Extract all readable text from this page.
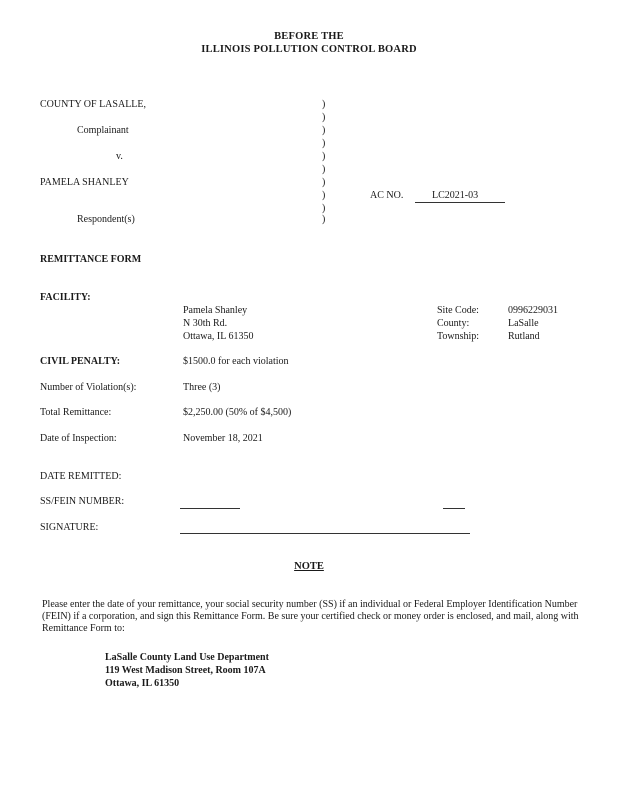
BEFORE THE
ILLINOIS POLLUTION CONTROL BOARD
COUNTY OF LASALLE,
Complainant
v.
PAMELA SHANLEY
Respondent(s)
)
)
)
)
)
)
)
)
)
)
AC NO.	LC2021-03
REMITTANCE FORM
FACILITY:
Pamela Shanley
N 30th Rd.
Ottawa, IL 61350
Site Code:	0996229031
County:	LaSalle
Township:	Rutland
CIVIL PENALTY:	$1500.0 for each violation
Number of Violation(s):	Three (3)
Total Remittance:	$2,250.00 (50% of $4,500)
Date of Inspection:	November 18, 2021
DATE REMITTED:
SS/FEIN NUMBER:
SIGNATURE:
NOTE
Please enter the date of your remittance, your social security number (SS) if an individual or Federal Employer Identification Number (FEIN) if a corporation, and sign this Remittance Form. Be sure your certified check or money order is enclosed, and mail, along with Remittance Form to:
LaSalle County Land Use Department
119 West Madison Street, Room 107A
Ottawa, IL 61350
